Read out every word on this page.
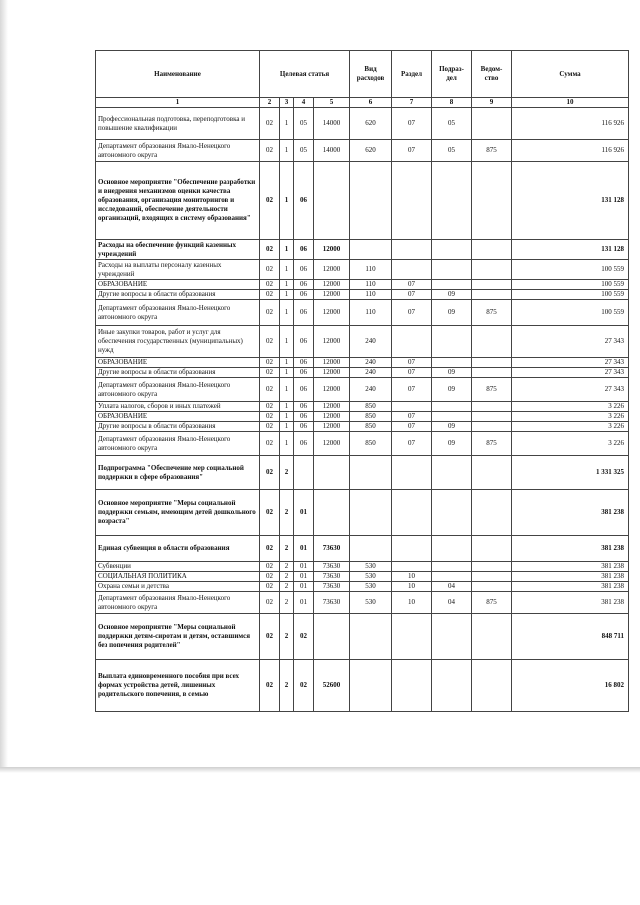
Наименование	Целевая статья				Вид расходов	Раздел	Подраз-дел	Ведом-ство	Сумма
1	2	3	4	5	6	7	8	9	10
Профессиональная подготовка, переподготовка и повышение квалификации	02	1	05	14000	620	07	05		116 926
Департамент образования Ямало-Ненецкого автономного округа	02	1	05	14000	620	07	05	875	116 926
Основное мероприятие "Обеспечение разработки и внедрения механизмов оценки качества образования, организация мониторингов и исследований, обеспечение деятельности организаций, входящих в систему образования"	02	1	06						131 128
Расходы на обеспечение функций казенных учреждений	02	1	06	12000					131 128
Расходы на выплаты персоналу казенных учреждений	02	1	06	12000	110				100 559
ОБРАЗОВАНИЕ	02	1	06	12000	110	07			100 559
Другие вопросы в области образования	02	1	06	12000	110	07	09		100 559
Департамент образования Ямало-Ненецкого автономного округа	02	1	06	12000	110	07	09	875	100 559
Иные закупки товаров, работ и услуг для обеспечения государственных (муниципальных) нужд	02	1	06	12000	240				27 343
ОБРАЗОВАНИЕ	02	1	06	12000	240	07			27 343
Другие вопросы в области образования	02	1	06	12000	240	07	09		27 343
Департамент образования Ямало-Ненецкого автономного округа	02	1	06	12000	240	07	09	875	27 343
Уплата налогов, сборов и иных платежей	02	1	06	12000	850				3 226
ОБРАЗОВАНИЕ	02	1	06	12000	850	07			3 226
Другие вопросы в области образования	02	1	06	12000	850	07	09		3 226
Департамент образования Ямало-Ненецкого автономного округа	02	1	06	12000	850	07	09	875	3 226
Подпрограмма "Обеспечение мер социальной поддержки в сфере образования"	02	2							1 331 325
Основное мероприятие "Меры социальной поддержки семьям, имеющим детей дошкольного возраста"	02	2	01						381 238
Единая субвенция в области образования	02	2	01	73630					381 238
Субвенции	02	2	01	73630	530				381 238
СОЦИАЛЬНАЯ ПОЛИТИКА	02	2	01	73630	530	10			381 238
Охрана семьи и детства	02	2	01	73630	530	10	04		381 238
Департамент образования Ямало-Ненецкого автономного округа	02	2	01	73630	530	10	04	875	381 238
Основное мероприятие "Меры социальной поддержки детям-сиротам и детям, оставшимся без попечения родителей"	02	2	02						848 711
Выплата единовременного пособия при всех формах устройства детей, лишенных родительского попечения, в семью	02	2	02	52600					16 802
